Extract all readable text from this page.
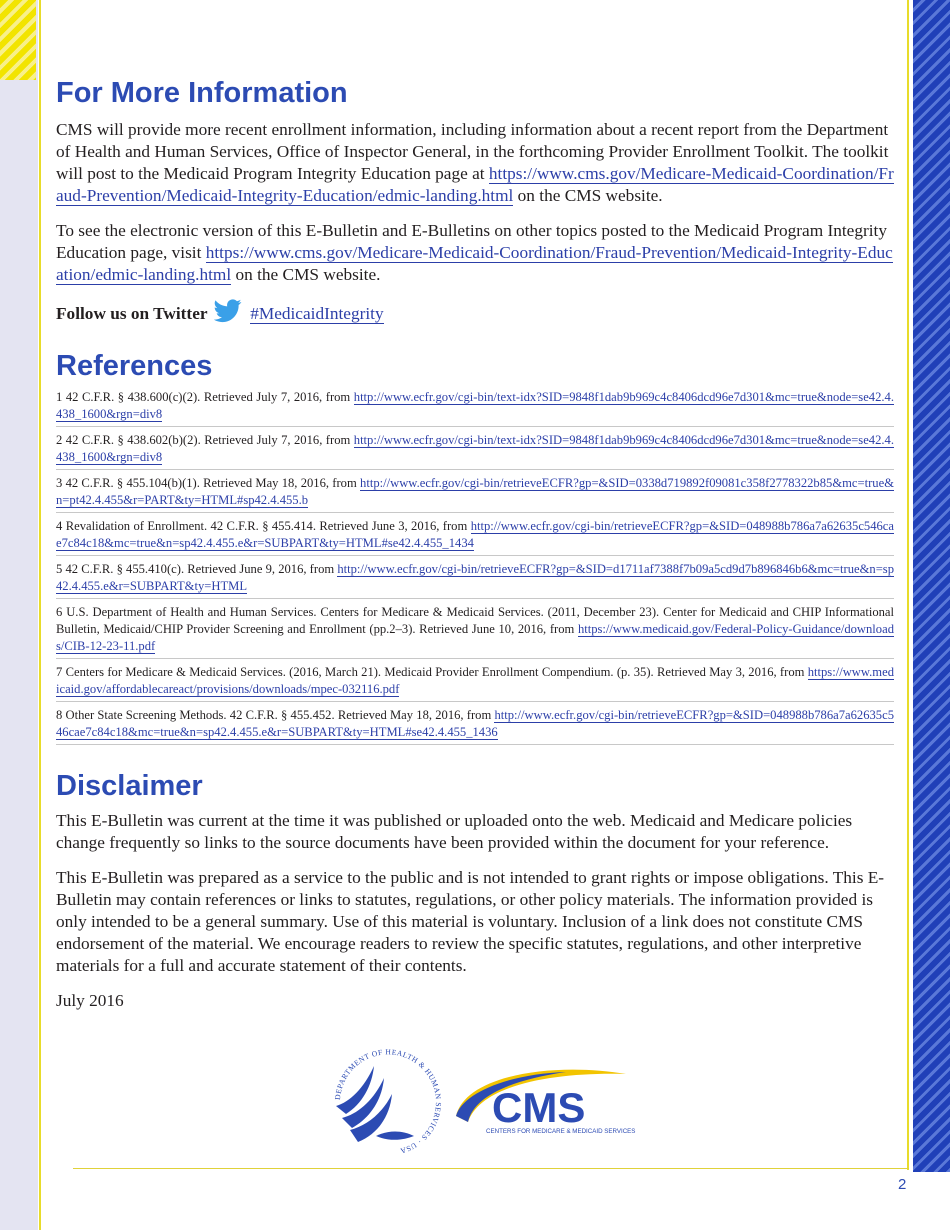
For More Information

CMS will provide more recent enrollment information, including information about a recent report from the Department of Health and Human Services, Office of Inspector General, in the forthcoming Provider Enrollment Toolkit. The toolkit will post to the Medicaid Program Integrity Education page at https://www.cms.gov/Medicare-Medicaid-Coordination/Fraud-Prevention/Medicaid-Integrity-Education/edmic-landing.html on the CMS website.

To see the electronic version of this E-Bulletin and E-Bulletins on other topics posted to the Medicaid Program Integrity Education page, visit https://www.cms.gov/Medicare-Medicaid-Coordination/Fraud-Prevention/Medicaid-Integrity-Education/edmic-landing.html on the CMS website.

Follow us on Twitter #MedicaidIntegrity

References

1 42 C.F.R. § 438.600(c)(2). Retrieved July 7, 2016, from http://www.ecfr.gov/cgi-bin/text-idx?SID=9848f1dab9b969c4c8406dcd96e7d301&mc=true&node=se42.4.438_1600&rgn=div8

2 42 C.F.R. § 438.602(b)(2). Retrieved July 7, 2016, from http://www.ecfr.gov/cgi-bin/text-idx?SID=9848f1dab9b969c4c8406dcd96e7d301&mc=true&node=se42.4.438_1600&rgn=div8

3 42 C.F.R. § 455.104(b)(1). Retrieved May 18, 2016, from http://www.ecfr.gov/cgi-bin/retrieveECFR?gp=&SID=0338d719892f09081c358f2778322b85&mc=true&n=pt42.4.455&r=PART&ty=HTML#sp42.4.455.b

4 Revalidation of Enrollment. 42 C.F.R. § 455.414. Retrieved June 3, 2016, from http://www.ecfr.gov/cgi-bin/retrieveECFR?gp=&SID=048988b786a7a62635c546cae7c84c18&mc=true&n=sp42.4.455.e&r=SUBPART&ty=HTML#se42.4.455_1434

5 42 C.F.R. § 455.410(c). Retrieved June 9, 2016, from http://www.ecfr.gov/cgi-bin/retrieveECFR?gp=&SID=d1711af7388f7b09a5cd9d7b896846b6&mc=true&n=sp42.4.455.e&r=SUBPART&ty=HTML

6 U.S. Department of Health and Human Services. Centers for Medicare & Medicaid Services. (2011, December 23). Center for Medicaid and CHIP Informational Bulletin, Medicaid/CHIP Provider Screening and Enrollment (pp.2–3). Retrieved June 10, 2016, from https://www.medicaid.gov/Federal-Policy-Guidance/downloads/CIB-12-23-11.pdf

7 Centers for Medicare & Medicaid Services. (2016, March 21). Medicaid Provider Enrollment Compendium. (p. 35). Retrieved May 3, 2016, from https://www.medicaid.gov/affordablecareact/provisions/downloads/mpec-032116.pdf

8 Other State Screening Methods. 42 C.F.R. § 455.452. Retrieved May 18, 2016, from http://www.ecfr.gov/cgi-bin/retrieveECFR?gp=&SID=048988b786a7a62635c546cae7c84c18&mc=true&n=sp42.4.455.e&r=SUBPART&ty=HTML#se42.4.455_1436

Disclaimer

This E-Bulletin was current at the time it was published or uploaded onto the web. Medicaid and Medicare policies change frequently so links to the source documents have been provided within the document for your reference.

This E-Bulletin was prepared as a service to the public and is not intended to grant rights or impose obligations. This E-Bulletin may contain references or links to statutes, regulations, or other policy materials. The information provided is only intended to be a general summary. Use of this material is voluntary. Inclusion of a link does not constitute CMS endorsement of the material. We encourage readers to review the specific statutes, regulations, and other interpretive materials for a full and accurate statement of their contents.

July 2016

DEPARTMENT OF HEALTH & HUMAN SERVICES · USA
CMS
CENTERS FOR MEDICARE & MEDICAID SERVICES
2
